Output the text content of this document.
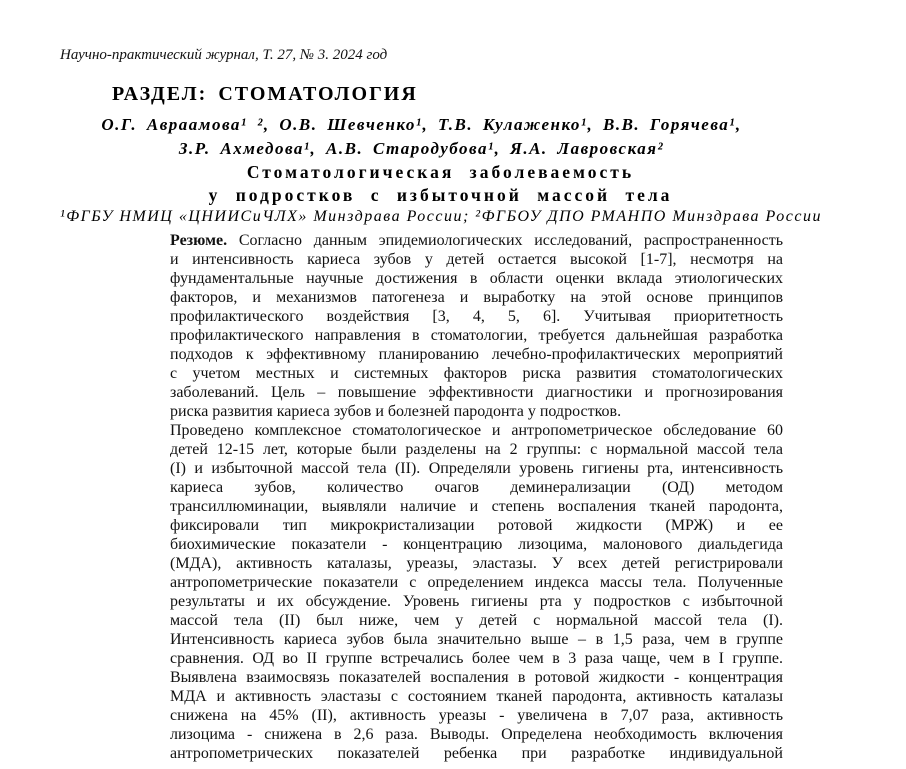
Научно-практический журнал, Т. 27, № 3. 2024 год
РАЗДЕЛ: СТОМАТОЛОГИЯ
О.Г. Авраамова¹ ², О.В. Шевченко¹, Т.В. Кулаженко¹, В.В. Горячева¹,
З.Р. Ахмедова¹, А.В. Стародубова¹, Я.А. Лавровская²
Стоматологическая заболеваемость
у подростков с избыточной массой тела
¹ФГБУ НМИЦ «ЦНИИСиЧЛХ» Минздрава России; ²ФГБОУ ДПО РМАНПО Минздрава России
Резюме. Согласно данным эпидемиологических исследований, распространенность
и интенсивность кариеса зубов у детей остается высокой [1-7], несмотря на
фундаментальные научные достижения в области оценки вклада этиологических
факторов, и механизмов патогенеза и выработку на этой основе принципов
профилактического воздействия [3, 4, 5, 6]. Учитывая приоритетность
профилактического направления в стоматологии, требуется дальнейшая разработка
подходов к эффективному планированию лечебно-профилактических мероприятий
с учетом местных и системных факторов риска развития стоматологических
заболеваний. Цель – повышение эффективности диагностики и прогнозирования
риска развития кариеса зубов и болезней пародонта у подростков.
Проведено комплексное стоматологическое и антропометрическое обследование 60
детей 12-15 лет, которые были разделены на 2 группы: с нормальной массой тела
(I) и избыточной массой тела (II). Определяли уровень гигиены рта, интенсивность
кариеса зубов, количество очагов деминерализации (ОД) методом
трансиллюминации, выявляли наличие и степень воспаления тканей пародонта,
фиксировали тип микрокристализации ротовой жидкости (МРЖ) и ее
биохимические показатели - концентрацию лизоцима, малонового диальдегида
(МДА), активность каталазы, уреазы, эластазы. У всех детей регистрировали
антропометрические показатели с определением индекса массы тела. Полученные
результаты и их обсуждение. Уровень гигиены рта у подростков с избыточной
массой тела (II) был ниже, чем у детей с нормальной массой тела (I).
Интенсивность кариеса зубов была значительно выше – в 1,5 раза, чем в группе
сравнения. ОД во II группе встречались более чем в 3 раза чаще, чем в I группе.
Выявлена взаимосвязь показателей воспаления в ротовой жидкости - концентрация
МДА и активность эластазы с состоянием тканей пародонта, активность каталазы
снижена на 45% (II), активность уреазы - увеличена в 7,07 раза, активность
лизоцима - снижена в 2,6 раза. Выводы. Определена необходимость включения
антропометрических показателей ребенка при разработке индивидуальной
